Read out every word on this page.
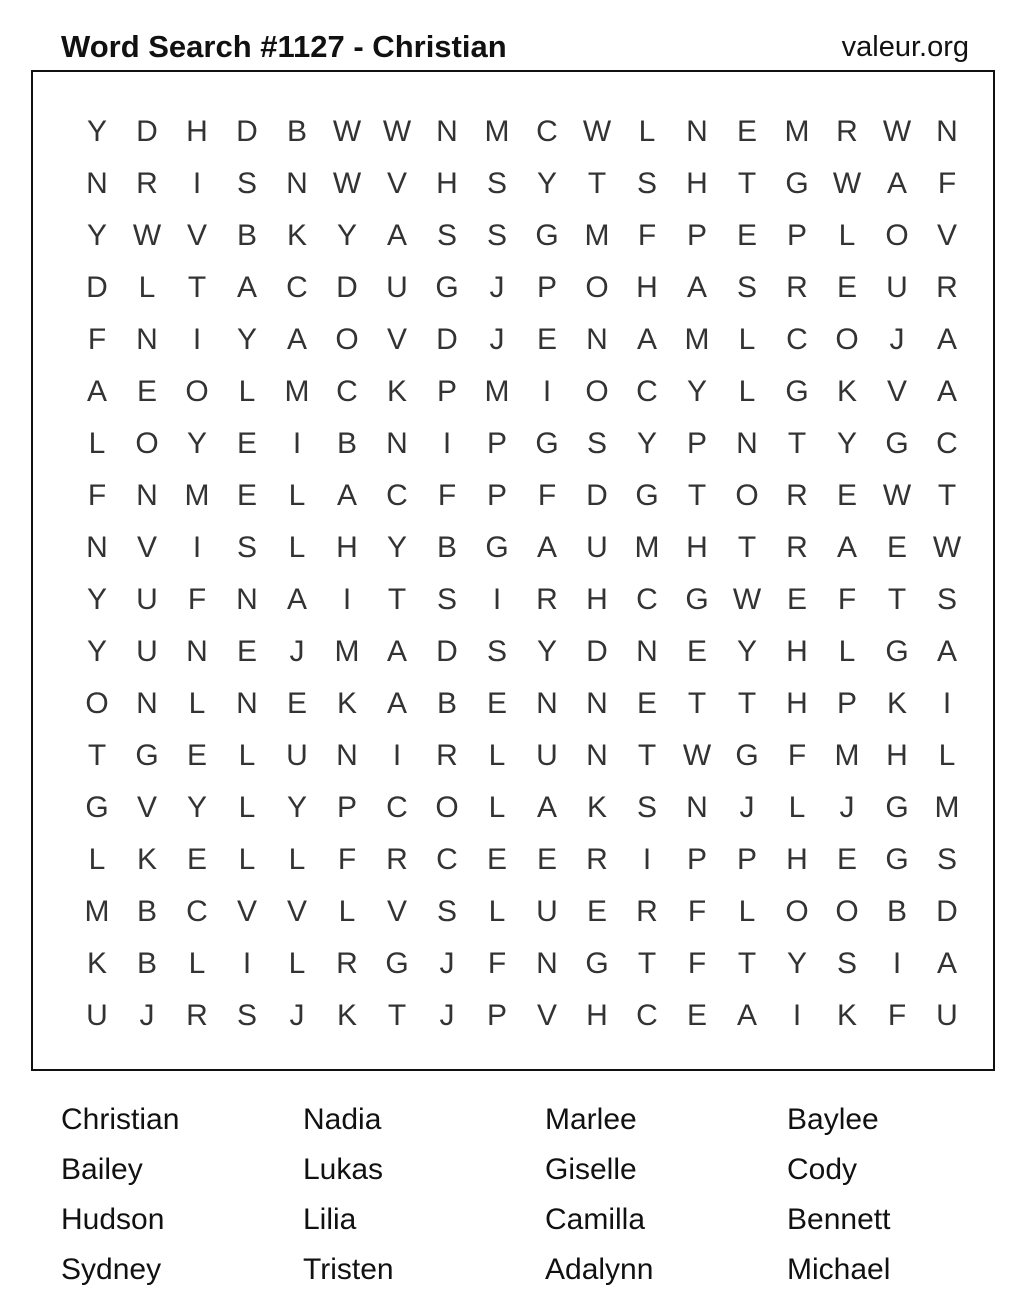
Word Search #1127 - Christian	valeur.org
Y D H D B W W N M C W L	N E M R W N
N R	I	S N W V H S Y	T	S H	T G W A	F
Y W V B K Y A S S G M F	P E P	L O V
D	L	T	A C D U G	J	P O H A S R E U R
F	N	I	Y A O V D	J	E N A M L	C O	J	A
A E O L M C K P M	I	O C Y	L G K V A
L O Y E	I	B N	I	P G S Y P N	T	Y G C
F	N M E	L	A C	F	P	F	D G T O R E W T
N V	I	S	L	H Y B G A U M H	T	R A E W
Y U	F	N A	I	T	S	I	R H C G W E	F	T	S
Y U N E	J	M A D S Y D N E Y H	L G A
O N	L	N E K A B E N N E	T	T	H P K	I
T G E	L	U N	I	R	L	U N	T W G F M H	L
G V Y	L	Y P C O L	A K S N	J	L	J	G M
L	K E	L	L	F	R C E E R	I	P P H E G S
M B C V V	L	V S	L	U E R	F	L O O B D
K B	L	I	L	R G	J	F	N G T	F	T	Y S	I	A
U	J	R S	J	K	T	J	P V H C E A	I	K	F	U
Christian	Nadia	Marlee	Baylee
Bailey	Lukas	Giselle	Cody
Hudson	Lilia	Camilla	Bennett
Sydney	Tristen	Adalynn	Michael
